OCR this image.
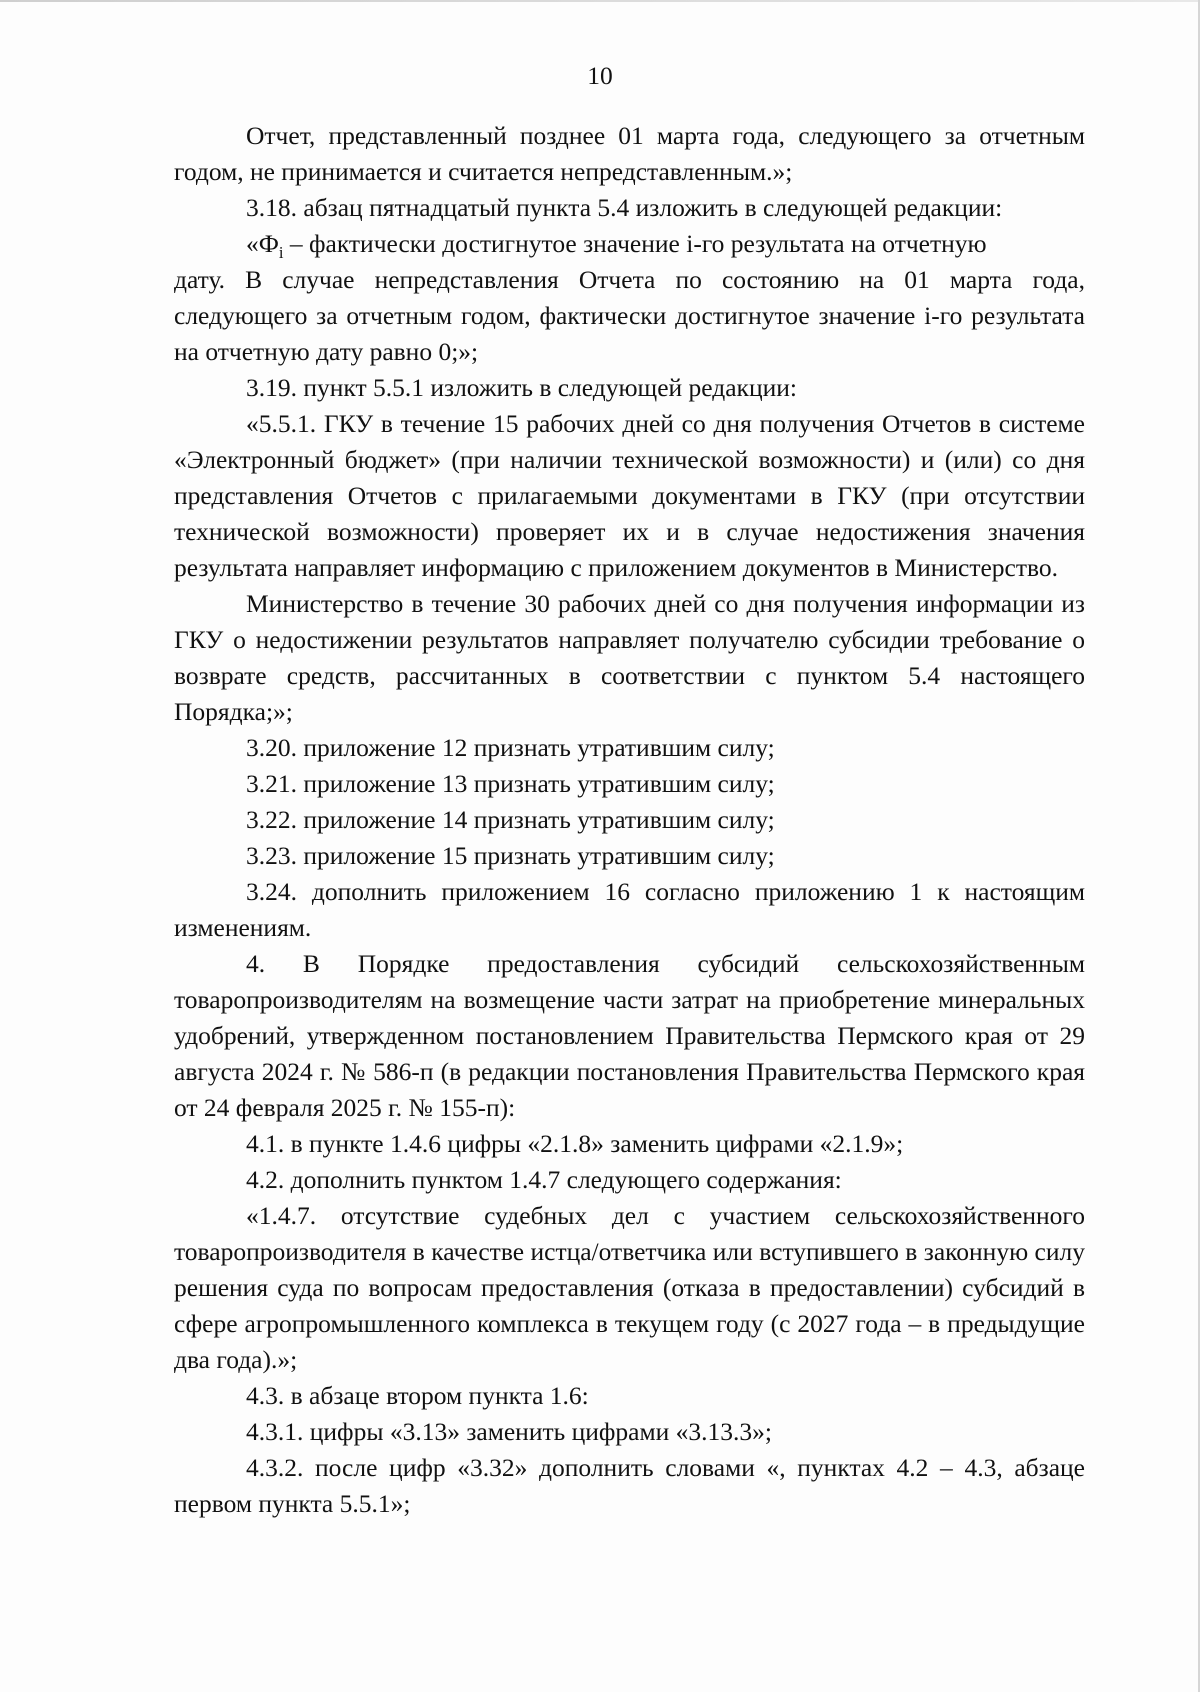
10

Отчет, представленный позднее 01 марта года, следующего за отчетным годом, не принимается и считается непредставленным.»;

3.18. абзац пятнадцатый пункта 5.4 изложить в следующей редакции:

«$Ф_i$ – фактически достигнутое значение i-го результата на отчетную

дату. В случае непредставления Отчета по состоянию на 01 марта года, следующего за отчетным годом, фактически достигнутое значение i-го результата на отчетную дату равно 0;»;

3.19. пункт 5.5.1 изложить в следующей редакции:

«5.5.1. ГКУ в течение 15 рабочих дней со дня получения Отчетов в системе «Электронный бюджет» (при наличии технической возможности) и (или) со дня представления Отчетов с прилагаемыми документами в ГКУ (при отсутствии технической возможности) проверяет их и в случае недостижения значения результата направляет информацию с приложением документов в Министерство.

Министерство в течение 30 рабочих дней со дня получения информации из ГКУ о недостижении результатов направляет получателю субсидии требование о возврате средств, рассчитанных в соответствии с пунктом 5.4 настоящего Порядка;»;

3.20. приложение 12 признать утратившим силу;

3.21. приложение 13 признать утратившим силу;

3.22. приложение 14 признать утратившим силу;

3.23. приложение 15 признать утратившим силу;

3.24. дополнить приложением 16 согласно приложению 1 к настоящим изменениям.

4. В Порядке предоставления субсидий сельскохозяйственным товаропроизводителям на возмещение части затрат на приобретение минеральных удобрений, утвержденном постановлением Правительства Пермского края от 29 августа 2024 г. № 586-п (в редакции постановления Правительства Пермского края от 24 февраля 2025 г. № 155-п):

4.1. в пункте 1.4.6 цифры «2.1.8» заменить цифрами «2.1.9»;

4.2. дополнить пунктом 1.4.7 следующего содержания:

«1.4.7. отсутствие судебных дел с участием сельскохозяйственного товаропроизводителя в качестве истца/ответчика или вступившего в законную силу решения суда по вопросам предоставления (отказа в предоставлении) субсидий в сфере агропромышленного комплекса в текущем году (с 2027 года – в предыдущие два года).»;

4.3. в абзаце втором пункта 1.6:

4.3.1. цифры «3.13» заменить цифрами «3.13.3»;

4.3.2. после цифр «3.32» дополнить словами «, пунктах 4.2 – 4.3, абзаце первом пункта 5.5.1»;
